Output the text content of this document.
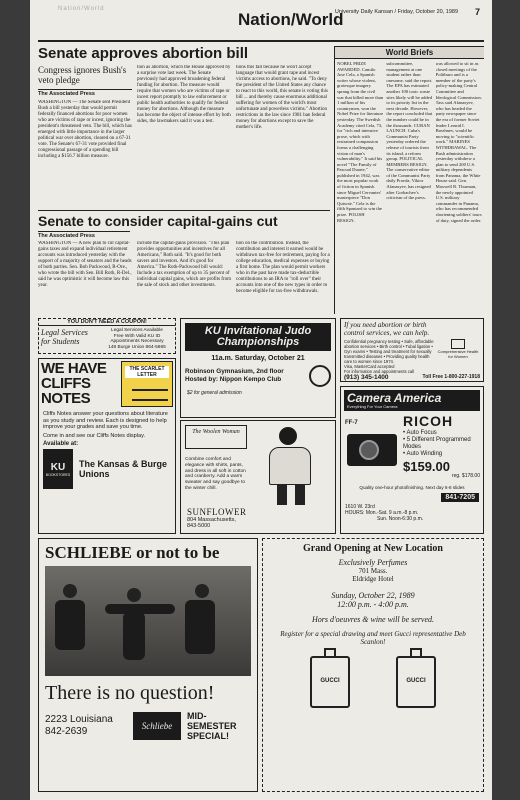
Nation/World
Nation/World
University Daily Kansan / Friday, October 20, 1989 7
Senate approves abortion bill
Congress ignores Bush's veto pledge
The Associated Press
WASHINGTON — The Senate sent President Bush a bill yesterday that would permit federally financed abortions for poor women who are victims of rape or incest, ignoring the president's threatened veto. The bill, which has emerged with little importance in the larger political war over abortion, cleared on a 67-31 vote. The Senate's 67-31 vote provided final congressional passage of a spending bill including a $156.7 billion measure.
tion as abortion, which the House approved by a surprise vote last week. The Senate previously had approved broadening federal funding for abortion. The measure would require that women who are victims of rape or incest report promptly to law enforcement or public health authorities to qualify for federal money for abortions. Although the measure has become the object of intense effort by both sides, the lawmakers said it was a test.
tions this fall because he won't accept language that would grant rape and incest victims access to abortions, he said. "To deny the president of the United States any chance to react to this world, this senate is voting this bill ... and thereby cause enormous additional suffering for women of the world's most unfortunate and powerless victims." Abortion restrictions in the law since 1981 ban federal money for abortions except to save the mother's life.
Senate to consider capital-gains cut
The Associated Press
WASHINGTON — A new plan to cut capital-gains taxes and expand individual retirement accounts was introduced yesterday with the support of a majority of senators and the heads of both parties. Sen. Bob Packwood, R-Ore., who wrote the bill with Sen. Bill Roth, R-Del., said he was optimistic it will become law this year.
include the capital-gains provision. "This plan provides opportunities and incentives for all Americans," Roth said. "It's good for both savers and investors. And it's good for America." The Roth-Packwood bill would: Include a tax exemption of up to 35 percent of individual capital gains, which are profits from the sale of stock and other investments.
tion on the contribution. Instead, the contribution and interest it earned would be withdrawn tax-free for retirement, paying for a college education, medical expenses or buying a first home. The plan would permit workers who in the past have made tax-deductible contributions to an IRA to "roll over" their accounts into one of the new types in order to become eligible for tax-free withdrawals.
World Briefs
NOBEL PRIZE AWARDED. Camilo Jose Cela, a Spanish writer whose violent, grotesque imagery sprang from the civil war that killed more than 1 million of his countrymen, won the Nobel Prize for literature yesterday. The Swedish Academy cited Cela, 73, for "rich and intensive prose, which with restrained compassion forms a challenging vision of man's vulnerability." It said his novel "The Family of Pascual Duarte," published in 1942, was the most popular work of fiction in Spanish since Miguel Cervantes' masterpiece "Don Quixote." Cela is the fifth Spaniard to win the prize. POLISH RESIGN.
subcommittee, management at one student rather than onesome, said the report. The EPA has estimated another 100 toxic waste sites likely will be added to its priority list in the next decade. However, the report concluded that the number could be in the thousands. CUBAN LAUNCH. Cuba's Communist Party yesterday ordered the release of tourists from its island, a reform group. POLITICAL MEMBERS RESIGN. The conservative editor of the Communist Party daily Pravda, Viktor Afanasyev, has resigned after Gorbachev's criticism of the press.
was allowed to sit in as closed meetings of the Politburo and is a member of the party's policy-making Central Committee and Ideological Commission. Tass said Afanasyev, who has headed the party newspaper since the era of former Soviet leader Leonid I. Brezhnev, would be moving to "scientific work." MARINES WITHDRAWAL. The Bush administration yesterday withdrew a plan to send 200 U.S. military dependents from Panama, the White House said. Gen. Maxwell R. Thurman, the newly appointed U.S. military commander in Panama, who has recommended shortening soldiers' tours of duty, signed the order.
YOU DON'T NEED A COUPON!
Legal Services for Students
Legal Services Available
Free With Valid KU ID
Appointments Necessary
148 Burge Union 864-5665
WE HAVE CLIFFS NOTES
THE SCARLET LETTER
Cliffs Notes answer your questions about literature as you study and review. Each is designed to help improve your grades and save you time.
Come in and see our Cliffs Notes display.
Available at:
KU
BOOKSTORES
The Kansas & Burge Unions
KU Invitational Judo Championships
11a.m. Saturday, October 21
Robinson Gymnasium, 2nd floor
Hosted by: Nippon Kempo Club
$2 for general admission
The Woolen Woman
Combine comfort and elegance with shirts, pants, and dress in all soft in cotton and cranberry. Add a warm sweater and say goodbye to the winter chill.
SUNFLOWER
804 Massachusetts,
843-5000
If you need abortion or birth
control services, we can help.
Confidential pregnancy testing • Safe, affordable abortion services • Birth control • Tubal ligation • Gyn exams • Testing and treatment for sexually transmitted diseases • Providing quality health care to women since 1974.
Comprehensive Health for Women
Visa, MasterCard accepted
For information and appointments call
(913) 345-1400	Toll Free 1-800-227-1918
Camera America
Everything For Your Camera
FF-7	RICOH
• Auto Focus
• 5 Different Programmed Modes
• Auto Winding
$159.00
reg. $178.00
Quality one-hour photofinishing. Next day 6-8 slides
841-7205
1610 W. 23rd
HOURS: Mon.-Sat. 9 a.m.-8 p.m.
Sun. Noon-6:30 p.m.
SCHLIEBE or not to be
There is no question!
2223 Louisiana
842-2639	Schliebe
MID-SEMESTER SPECIAL!
Grand Opening at New Location
Exclusively Perfumes
701 Mass.
Eldridge Hotel
Sunday, October 22, 1989
12:00 p.m. - 4:00 p.m.
Hors d'oeuvres & wine will be served.
Register for a special drawing and meet Gucci representative Deb Scanlon!
GUCCI	GUCCI
